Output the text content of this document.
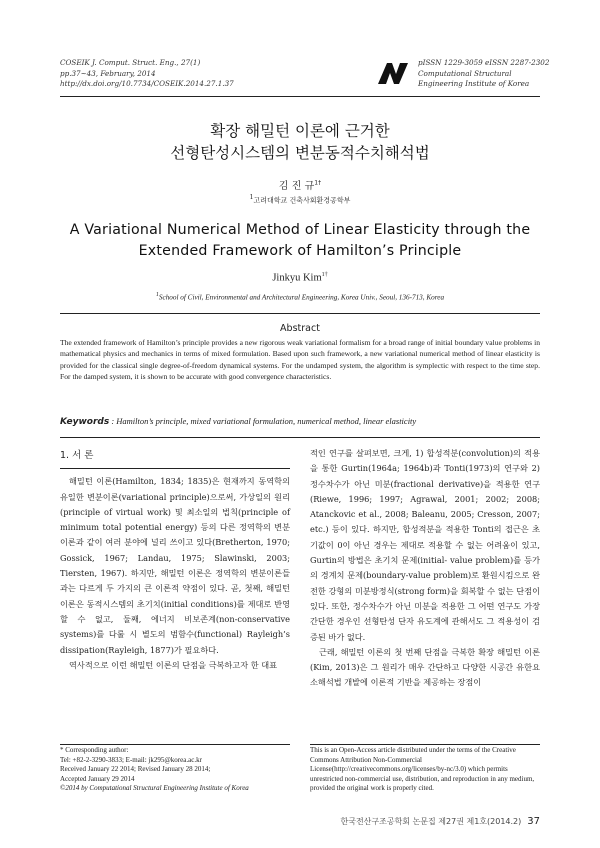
COSEIK J. Comput. Struct. Eng., 27(1)
pp.37~43, February, 2014
http://dx.doi.org/10.7734/COSEIK.2014.27.1.37
pISSN 1229-3059 eISSN 2287-2302
Computational Structural
Engineering Institute of Korea
확장 해밀턴 이론에 근거한
선형탄성시스템의 변분동적수치해석법
김 진 규$^{1\dagger}$
$^1$고려대학교 건축사회환경공학부
A Variational Numerical Method of Linear Elasticity through the
Extended Framework of Hamilton’s Principle
Jinkyu Kim$^{1\dagger}$
$^1$School of Civil, Environmental and Architectural Engineering, Korea Univ., Seoul, 136-713, Korea
Abstract
The extended framework of Hamilton’s principle provides a new rigorous weak variational formalism for a broad range of initial boundary value problems in mathematical physics and mechanics in terms of mixed formulation. Based upon such framework, a new variational numerical method of linear elasticity is provided for the classical single degree-of-freedom dynamical systems. For the undamped system, the algorithm is symplectic with respect to the time step. For the damped system, it is shown to be accurate with good convergence characteristics.
Keywords : Hamilton’s principle, mixed variational formulation, numerical method, linear elasticity
1. 서 론

해밀턴 이론(Hamilton, 1834; 1835)은 현재까지 동역학의 유일한 변분이론(variational principle)으로써, 가상일의 원리(principle of virtual work) 및 최소일의 법칙(principle of minimum total potential energy) 등의 다른 정역학의 변분이론과 같이 여러 분야에 널리 쓰이고 있다(Bretherton, 1970; Gossick, 1967; Landau, 1975; Slawinski, 2003; Tiersten, 1967). 하지만, 해밀턴 이론은 정역학의 변분이론들과는 다르게 두 가지의 큰 이론적 약점이 있다. 곧, 첫째, 해밀턴 이론은 동적시스템의 초기치(initial conditions)를 제대로 반영할 수 없고, 둘째, 에너지 비보존계(non-conservative systems)를 다룰 시 별도의 범함수(functional) Rayleigh’s dissipation(Rayleigh, 1877)가 필요하다.

역사적으로 이런 해밀턴 이론의 단점을 극복하고자 한 대표

적인 연구를 살펴보면, 크게, 1) 합성적분(convolution)의 적용을 통한 Gurtin(1964a; 1964b)과 Tonti(1973)의 연구와 2) 정수차수가 아닌 미분(fractional derivative)을 적용한 연구(Riewe, 1996; 1997; Agrawal, 2001; 2002; 2008; Atanckovic et al., 2008; Baleanu, 2005; Cresson, 2007; etc.) 등이 있다. 하지만, 합성적분을 적용한 Tonti의 접근은 초기값이 0이 아닌 경우는 제대로 적용할 수 없는 어려움이 있고, Gurtin의 방법은 초기치 문제(initial- value problem)를 등가의 경계치 문제(boundary-value problem)로 환원시킴으로 완전한 강형의 미분방정식(strong form)을 회복할 수 없는 단점이 있다. 또한, 정수차수가 아닌 미분을 적용한 그 어떤 연구도 가장 간단한 경우인 선형탄성 단자 유도계에 관해서도 그 적용성이 검증된 바가 없다.

근래, 해밀턴 이론의 첫 번째 단점을 극복한 확장 해밀턴 이론(Kim, 2013)은 그 원리가 매우 간단하고 다양한 시공간 유한요소해석법 개발에 이론적 기반을 제공하는 장점이

* Corresponding author:
Tel: +82-2-3290-3833; E-mail: jk295@korea.ac.kr
Received January 22 2014; Revised January 28 2014;
Accepted January 29 2014
©2014 by Computational Structural Engineering Institute of Korea
This is an Open-Access article distributed under the terms of the Creative Commons Attribution Non-Commercial License(http://creativecommons.org/licenses/by-nc/3.0) which permits unrestricted non-commercial use, distribution, and reproduction in any medium, provided the original work is properly cited.
한국전산구조공학회 논문집 제27권 제1호(2014.2) 37
